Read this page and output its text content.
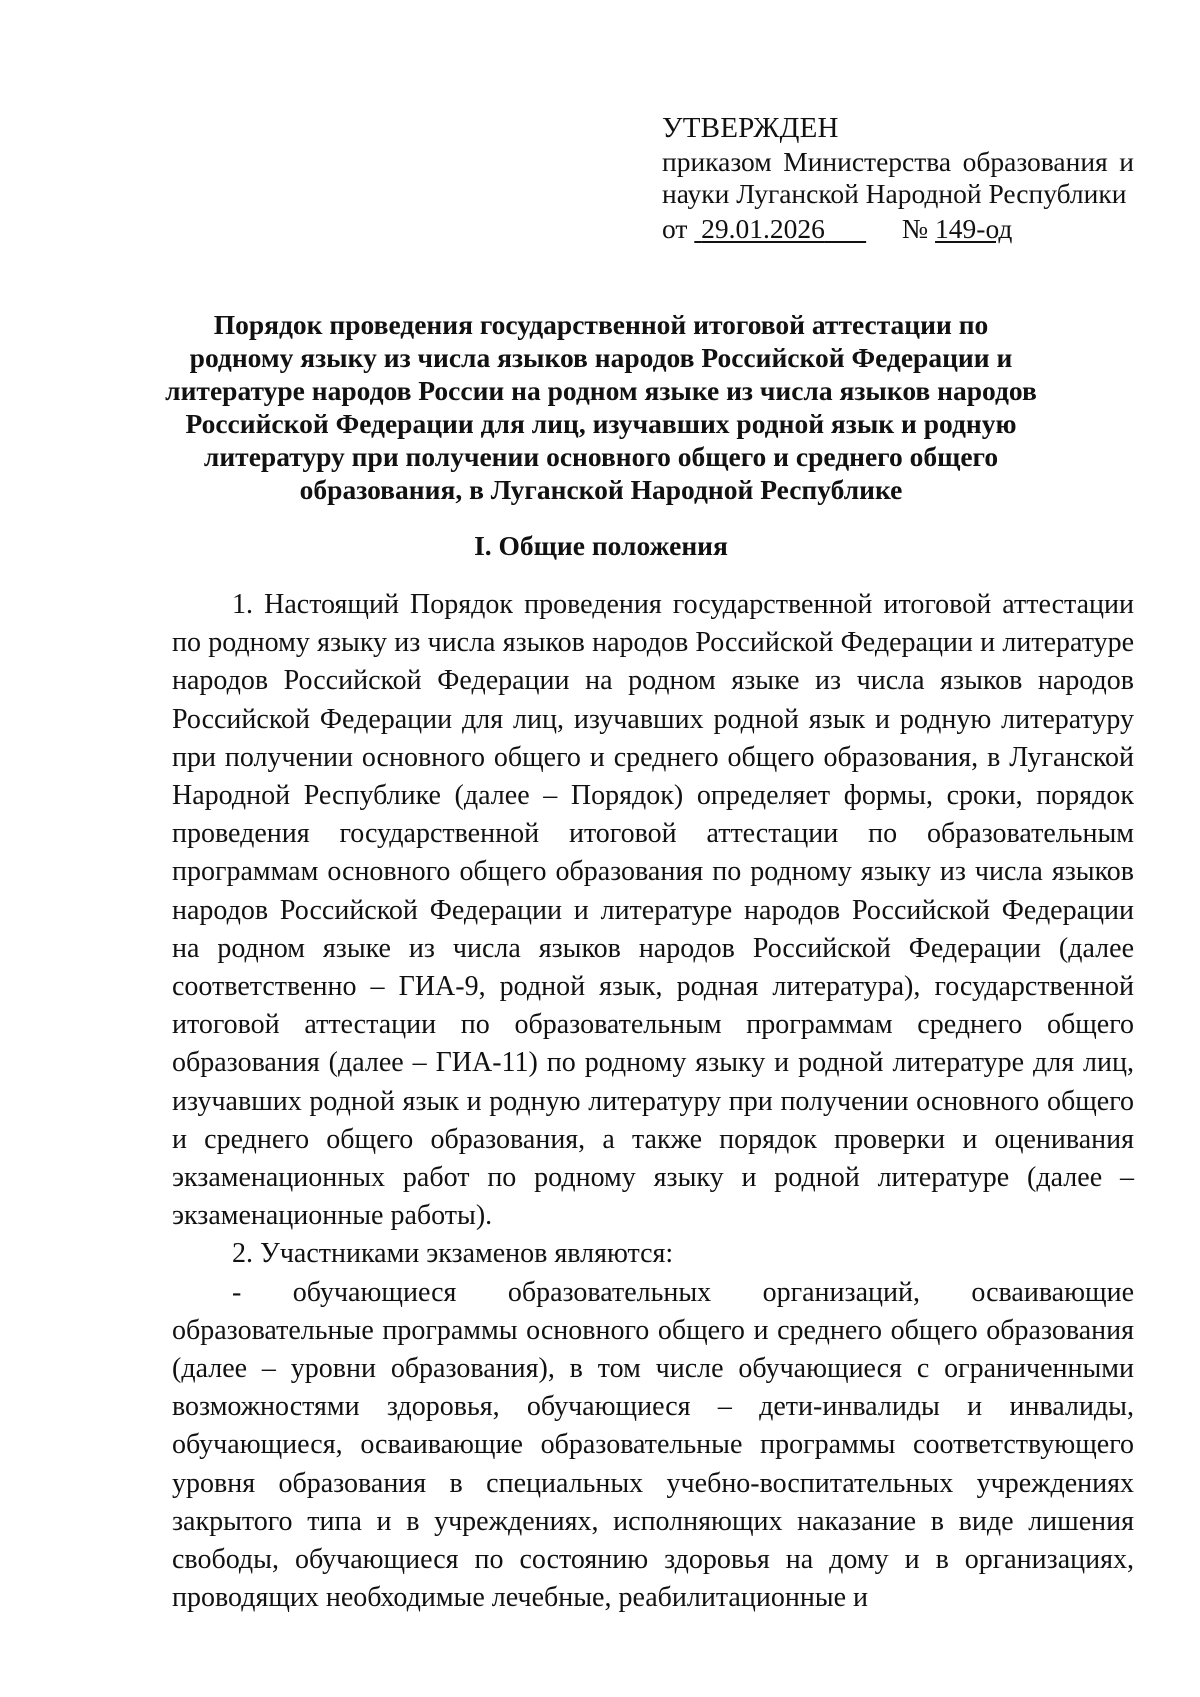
УТВЕРЖДЕН
приказом Министерства образования и науки Луганской Народной Республики
от 29.01.2026	№ 149-од
Порядок проведения государственной итоговой аттестации по родному языку из числа языков народов Российской Федерации и литературе народов России на родном языке из числа языков народов Российской Федерации для лиц, изучавших родной язык и родную литературу при получении основного общего и среднего общего образования, в Луганской Народной Республике
I. Общие положения

1. Настоящий Порядок проведения государственной итоговой аттестации по родному языку из числа языков народов Российской Федерации и литературе народов Российской Федерации на родном языке из числа языков народов Российской Федерации для лиц, изучавших родной язык и родную литературу при получении основного общего и среднего общего образования, в Луганской Народной Республике (далее – Порядок) определяет формы, сроки, порядок проведения государственной итоговой аттестации по образовательным программам основного общего образования по родному языку из числа языков народов Российской Федерации и литературе народов Российской Федерации на родном языке из числа языков народов Российской Федерации (далее соответственно – ГИА-9, родной язык, родная литература), государственной итоговой аттестации по образовательным программам среднего общего образования (далее – ГИА-11) по родному языку и родной литературе для лиц, изучавших родной язык и родную литературу при получении основного общего и среднего общего образования, а также порядок проверки и оценивания экзаменационных работ по родному языку и родной литературе (далее – экзаменационные работы).

2. Участниками экзаменов являются:

- обучающиеся образовательных организаций, осваивающие образовательные программы основного общего и среднего общего образования (далее – уровни образования), в том числе обучающиеся с ограниченными возможностями здоровья, обучающиеся – дети-инвалиды и инвалиды, обучающиеся, осваивающие образовательные программы соответствующего уровня образования в специальных учебно-воспитательных учреждениях закрытого типа и в учреждениях, исполняющих наказание в виде лишения свободы, обучающиеся по состоянию здоровья на дому и в организациях, проводящих необходимые лечебные, реабилитационные и
